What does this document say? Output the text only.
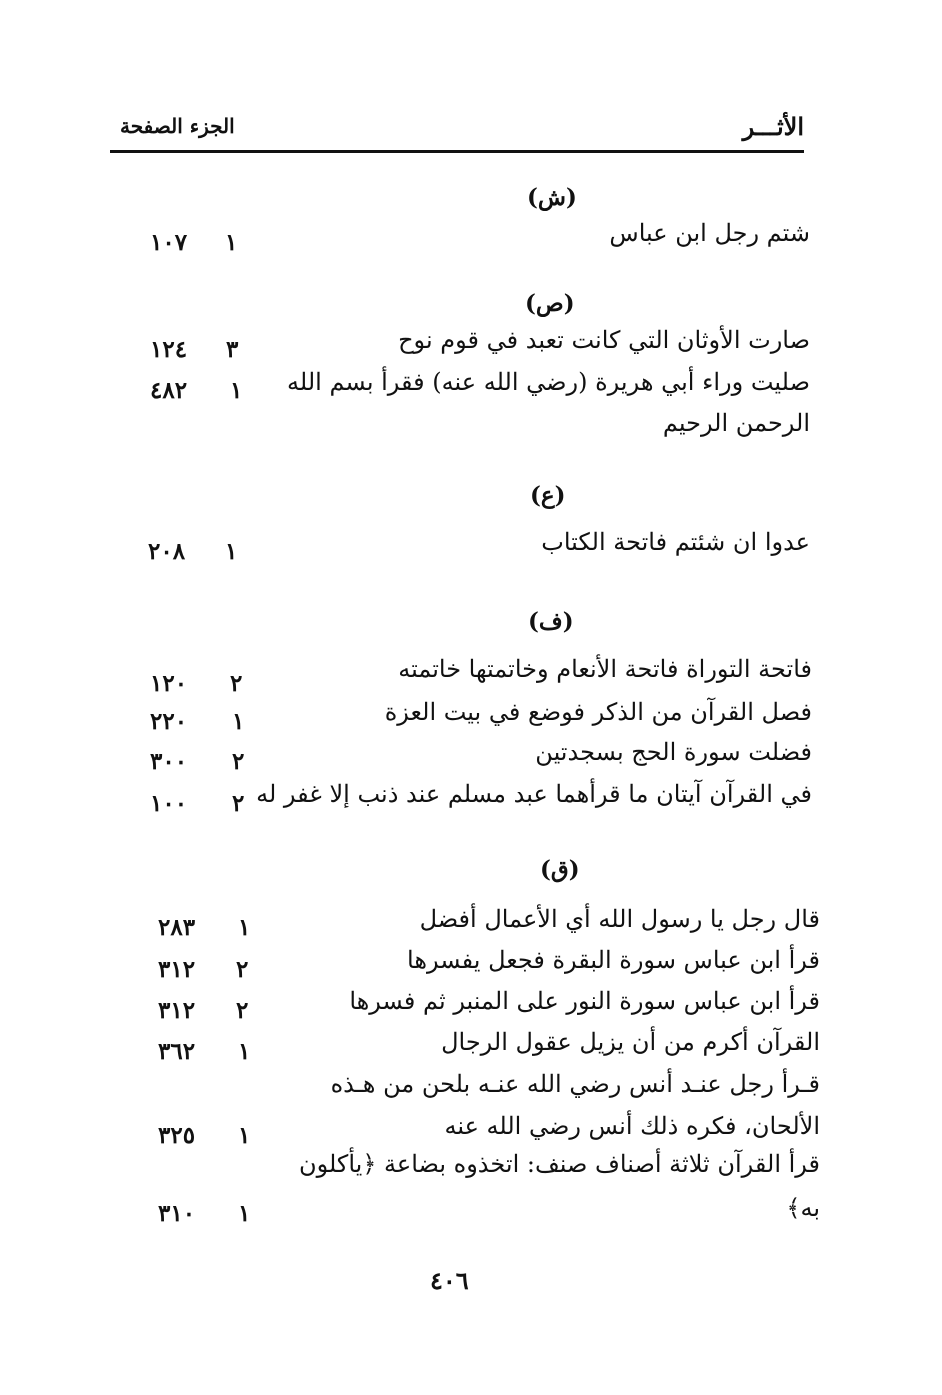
الأثـــر
الجزء الصفحة
(ش)
شتم رجل ابن عباس
١
١٠٧
(ص)
صارت الأوثان التي كانت تعبد في قوم نوح
٣
١٢٤
صليت وراء أبي هريرة (رضي الله عنه) فقرأ بسم الله
الرحمن الرحيم
١
٤٨٢
(ع)
عدوا ان شئتم فاتحة الكتاب
١
٢٠٨
(ف)
فاتحة التوراة فاتحة الأنعام وخاتمتها خاتمته
٢
١٢٠
فصل القرآن من الذكر فوضع في بيت العزة
١
٢٢٠
فضلت سورة الحج بسجدتين
٢
٣٠٠
في القرآن آيتان ما قرأهما عبد مسلم عند ذنب إلا غفر له
٢
١٠٠
(ق)
قال رجل يا رسول الله أي الأعمال أفضل
١
٢٨٣
قرأ ابن عباس سورة البقرة فجعل يفسرها
٢
٣١٢
قرأ ابن عباس سورة النور على المنبر ثم فسرها
٢
٣١٢
القرآن أكرم من أن يزيل عقول الرجال
١
٣٦٢
قـرأ رجل عنـد أنس رضي الله عنـه بلحن من هـذه
الألحان، فكره ذلك أنس رضي الله عنه
١
٣٢٥
قرأ القرآن ثلاثة أصناف صنف: اتخذوه بضاعة ﴿يأكلون
به﴾
١
٣١٠
٤٠٦
